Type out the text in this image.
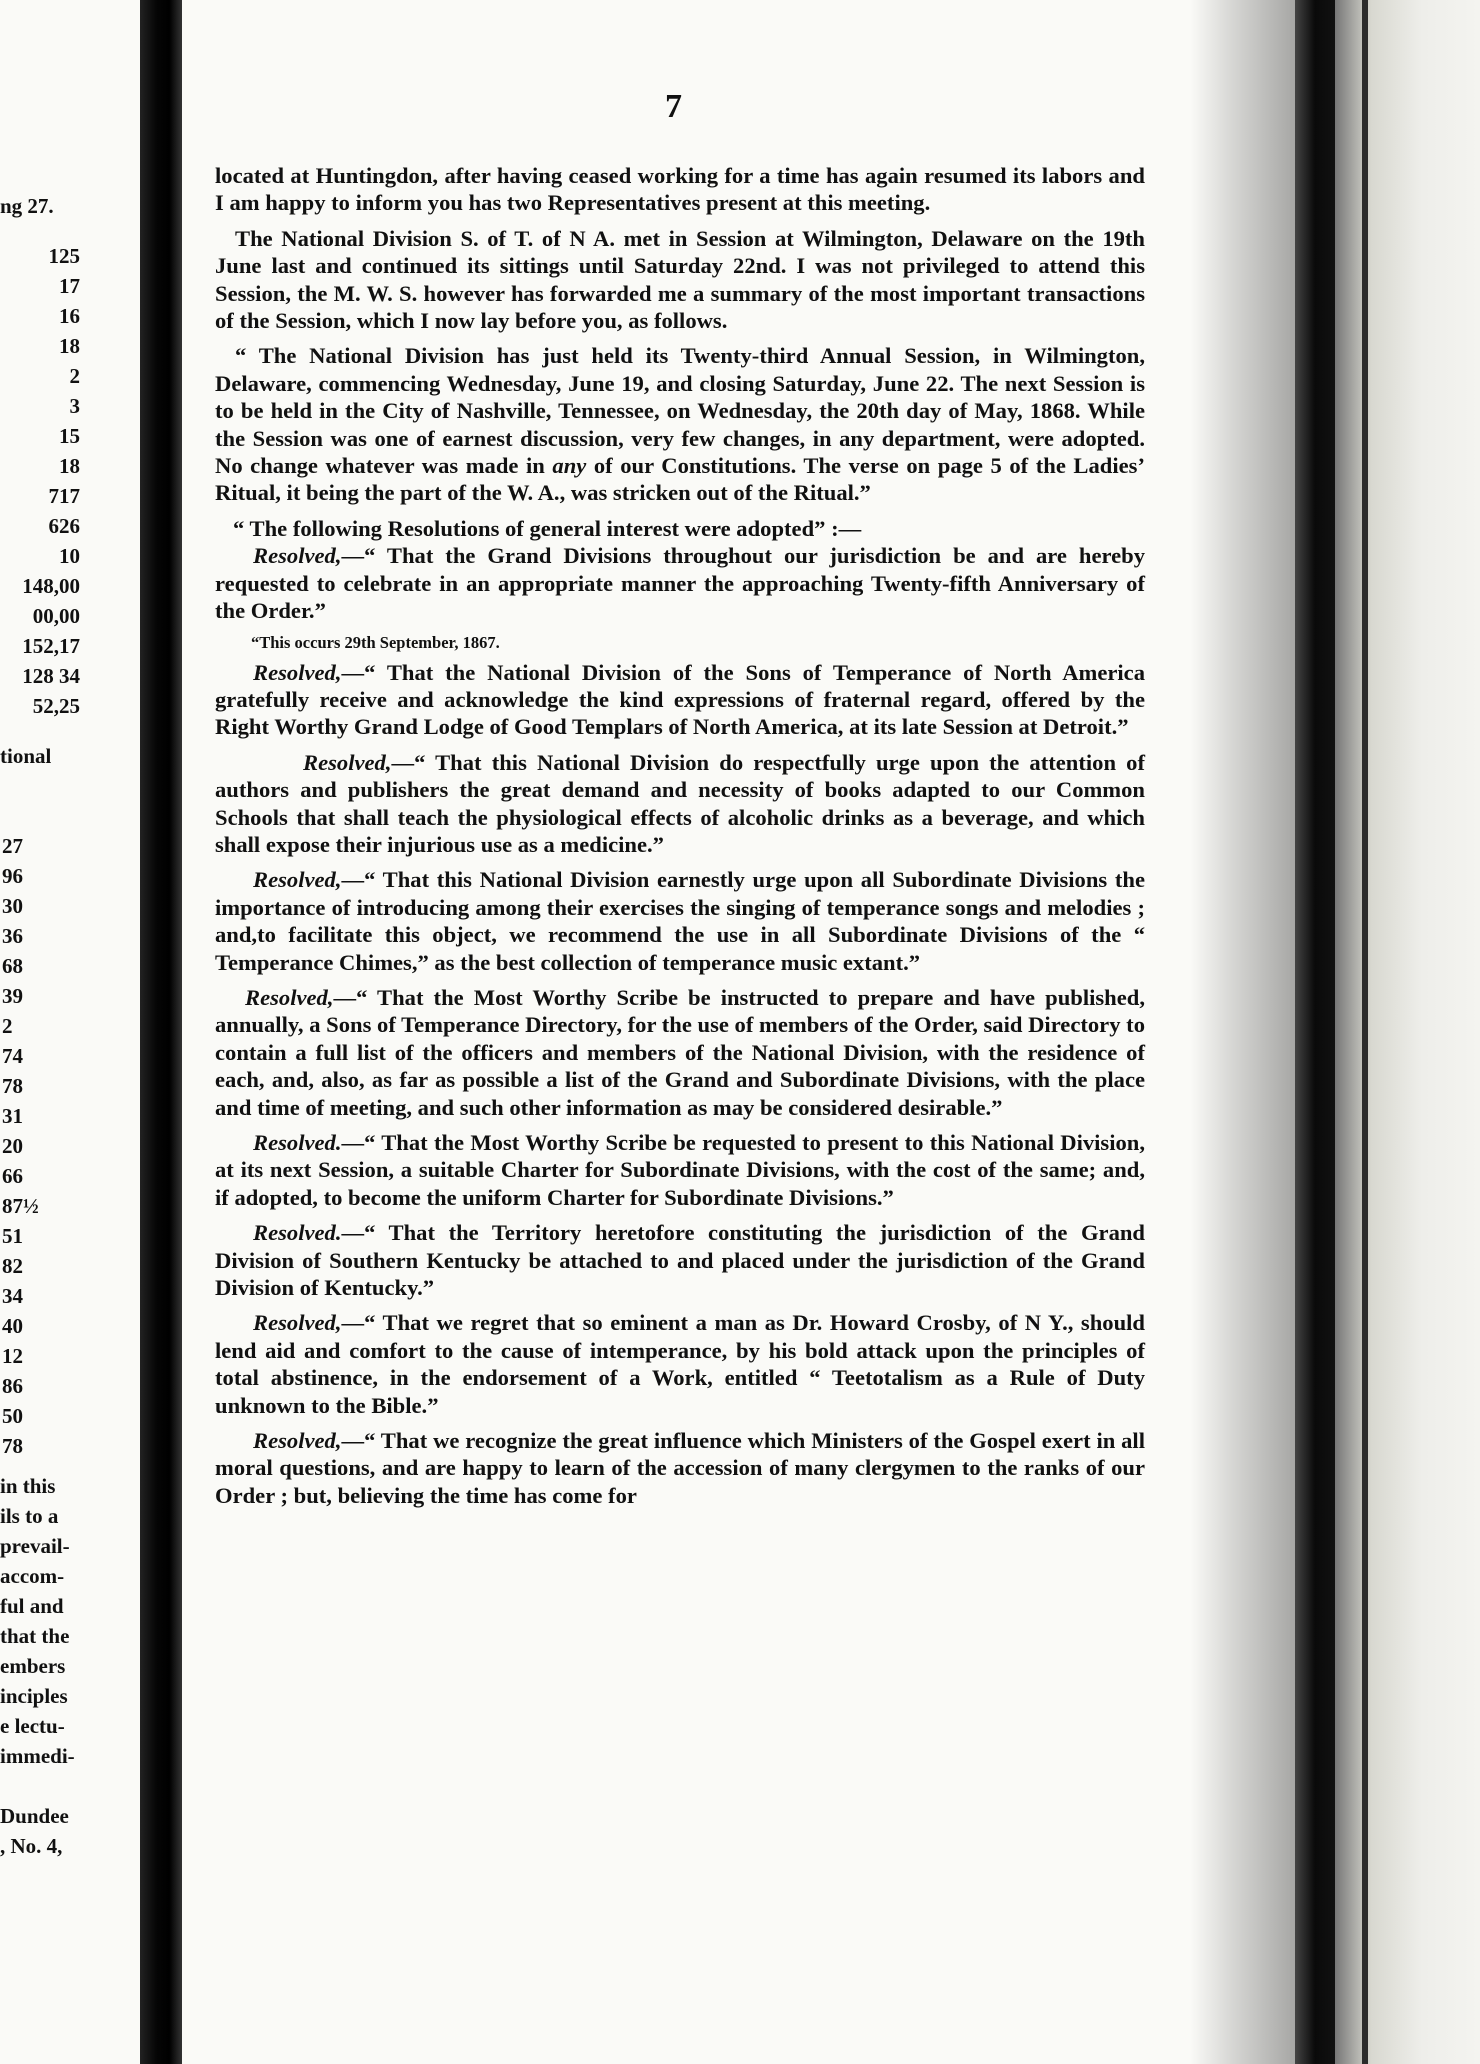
ng 27.
125
17
16
18
2
3
15
18
717
626
10
148,00
00,00
152,17
128 34
52,25
tional
27
96
30
36
68
39
2
74
78
31
20
66
87½
51
82
34
40
12
86
50
78
in this
ils to a
prevail-
accom-
ful and
that the
embers
inciples
e lectu-
immedi-
Dundee
, No. 4,
7

located at Huntingdon, after having ceased working for a time has again resumed its labors and I am happy to inform you has two Representatives present at this meeting.

The National Division S. of T. of N A. met in Session at Wilmington, Delaware on the 19th June last and continued its sittings until Saturday 22nd. I was not privileged to attend this Session, the M. W. S. however has forwarded me a summary of the most important transactions of the Session, which I now lay before you, as follows.

“ The National Division has just held its Twenty-third Annual Session, in Wilmington, Delaware, commencing Wednesday, June 19, and closing Saturday, June 22. The next Session is to be held in the City of Nashville, Tennessee, on Wednesday, the 20th day of May, 1868. While the Session was one of earnest discussion, very few changes, in any department, were adopted. No change whatever was made in any of our Constitutions. The verse on page 5 of the Ladies’ Ritual, it being the part of the W. A., was stricken out of the Ritual.”

“ The following Resolutions of general interest were adopted” :—

Resolved,—“ That the Grand Divisions throughout our jurisdiction be and are hereby requested to celebrate in an appropriate manner the approaching Twenty-fifth Anniversary of the Order.”

“This occurs 29th September, 1867.

Resolved,—“ That the National Division of the Sons of Temperance of North America gratefully receive and acknowledge the kind expressions of fraternal regard, offered by the Right Worthy Grand Lodge of Good Templars of North America, at its late Session at Detroit.”

Resolved,—“ That this National Division do respectfully urge upon the attention of authors and publishers the great demand and necessity of books adapted to our Common Schools that shall teach the physiological effects of alcoholic drinks as a beverage, and which shall expose their injurious use as a medicine.”

Resolved,—“ That this National Division earnestly urge upon all Subordinate Divisions the importance of introducing among their exercises the singing of temperance songs and melodies ; and,to facilitate this object, we recommend the use in all Subordinate Divisions of the “ Temperance Chimes,” as the best collection of temperance music extant.”

Resolved,—“ That the Most Worthy Scribe be instructed to prepare and have published, annually, a Sons of Temperance Directory, for the use of members of the Order, said Directory to contain a full list of the officers and members of the National Division, with the residence of each, and, also, as far as possible a list of the Grand and Subordinate Divisions, with the place and time of meeting, and such other information as may be considered desirable.”

Resolved.—“ That the Most Worthy Scribe be requested to present to this National Division, at its next Session, a suitable Charter for Subordinate Divisions, with the cost of the same; and, if adopted, to become the uniform Charter for Subordinate Divisions.”

Resolved.—“ That the Territory heretofore constituting the jurisdiction of the Grand Division of Southern Kentucky be attached to and placed under the jurisdiction of the Grand Division of Kentucky.”

Resolved,—“ That we regret that so eminent a man as Dr. Howard Crosby, of N Y., should lend aid and comfort to the cause of intemperance, by his bold attack upon the principles of total abstinence, in the endorsement of a Work, entitled “ Teetotalism as a Rule of Duty unknown to the Bible.”

Resolved,—“ That we recognize the great influence which Ministers of the Gospel exert in all moral questions, and are happy to learn of the accession of many clergymen to the ranks of our Order ; but, believing the time has come for
